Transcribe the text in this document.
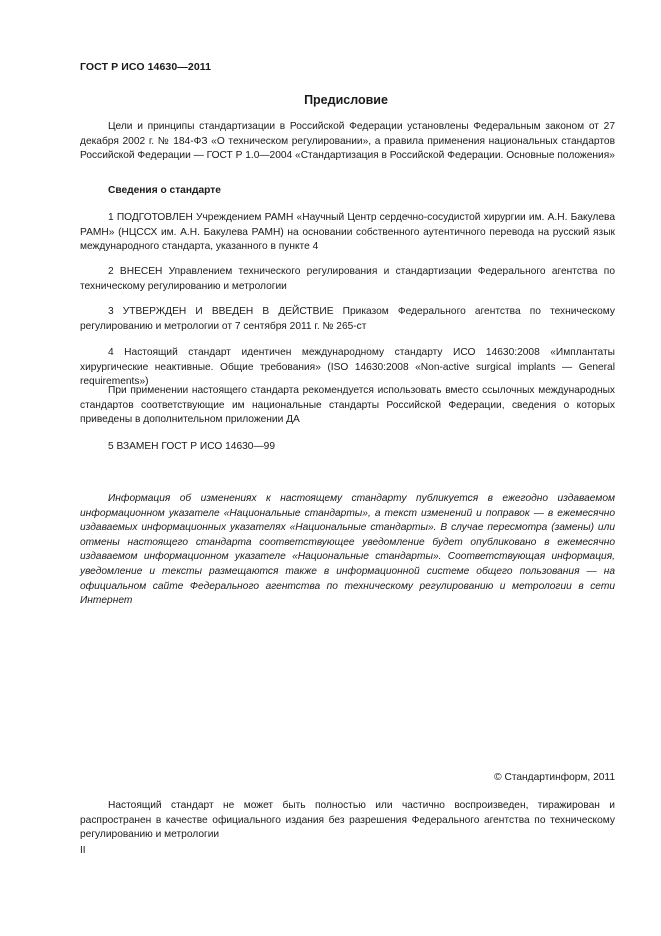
ГОСТ Р ИСО 14630—2011
Предисловие
Цели и принципы стандартизации в Российской Федерации установлены Федеральным законом от 27 декабря 2002 г. № 184-ФЗ «О техническом регулировании», а правила применения национальных стандартов Российской Федерации — ГОСТ Р 1.0—2004 «Стандартизация в Российской Федерации. Основные положения»
Сведения о стандарте
1 ПОДГОТОВЛЕН Учреждением РАМН «Научный Центр сердечно-сосудистой хирургии им. А.Н. Бакулева РАМН» (НЦССХ им. А.Н. Бакулева РАМН) на основании собственного аутентичного перевода на русский язык международного стандарта, указанного в пункте 4
2 ВНЕСЕН Управлением технического регулирования и стандартизации Федерального агентства по техническому регулированию и метрологии
3 УТВЕРЖДЕН И ВВЕДЕН В ДЕЙСТВИЕ Приказом Федерального агентства по техническому регулированию и метрологии от 7 сентября 2011 г. № 265-ст
4 Настоящий стандарт идентичен международному стандарту ИСО 14630:2008 «Имплантаты хирургические неактивные. Общие требования» (ISO 14630:2008 «Non-active surgical implants — General requirements»)
При применении настоящего стандарта рекомендуется использовать вместо ссылочных международных стандартов соответствующие им национальные стандарты Российской Федерации, сведения о которых приведены в дополнительном приложении ДА
5 ВЗАМЕН ГОСТ Р ИСО 14630—99
Информация об изменениях к настоящему стандарту публикуется в ежегодно издаваемом информационном указателе «Национальные стандарты», а текст изменений и поправок — в ежемесячно издаваемых информационных указателях «Национальные стандарты». В случае пересмотра (замены) или отмены настоящего стандарта соответствующее уведомление будет опубликовано в ежемесячно издаваемом информационном указателе «Национальные стандарты». Соответствующая информация, уведомление и тексты размещаются также в информационной системе общего пользования — на официальном сайте Федерального агентства по техническому регулированию и метрологии в сети Интернет
© Стандартинформ, 2011
Настоящий стандарт не может быть полностью или частично воспроизведен, тиражирован и распространен в качестве официального издания без разрешения Федерального агентства по техническому регулированию и метрологии
II
